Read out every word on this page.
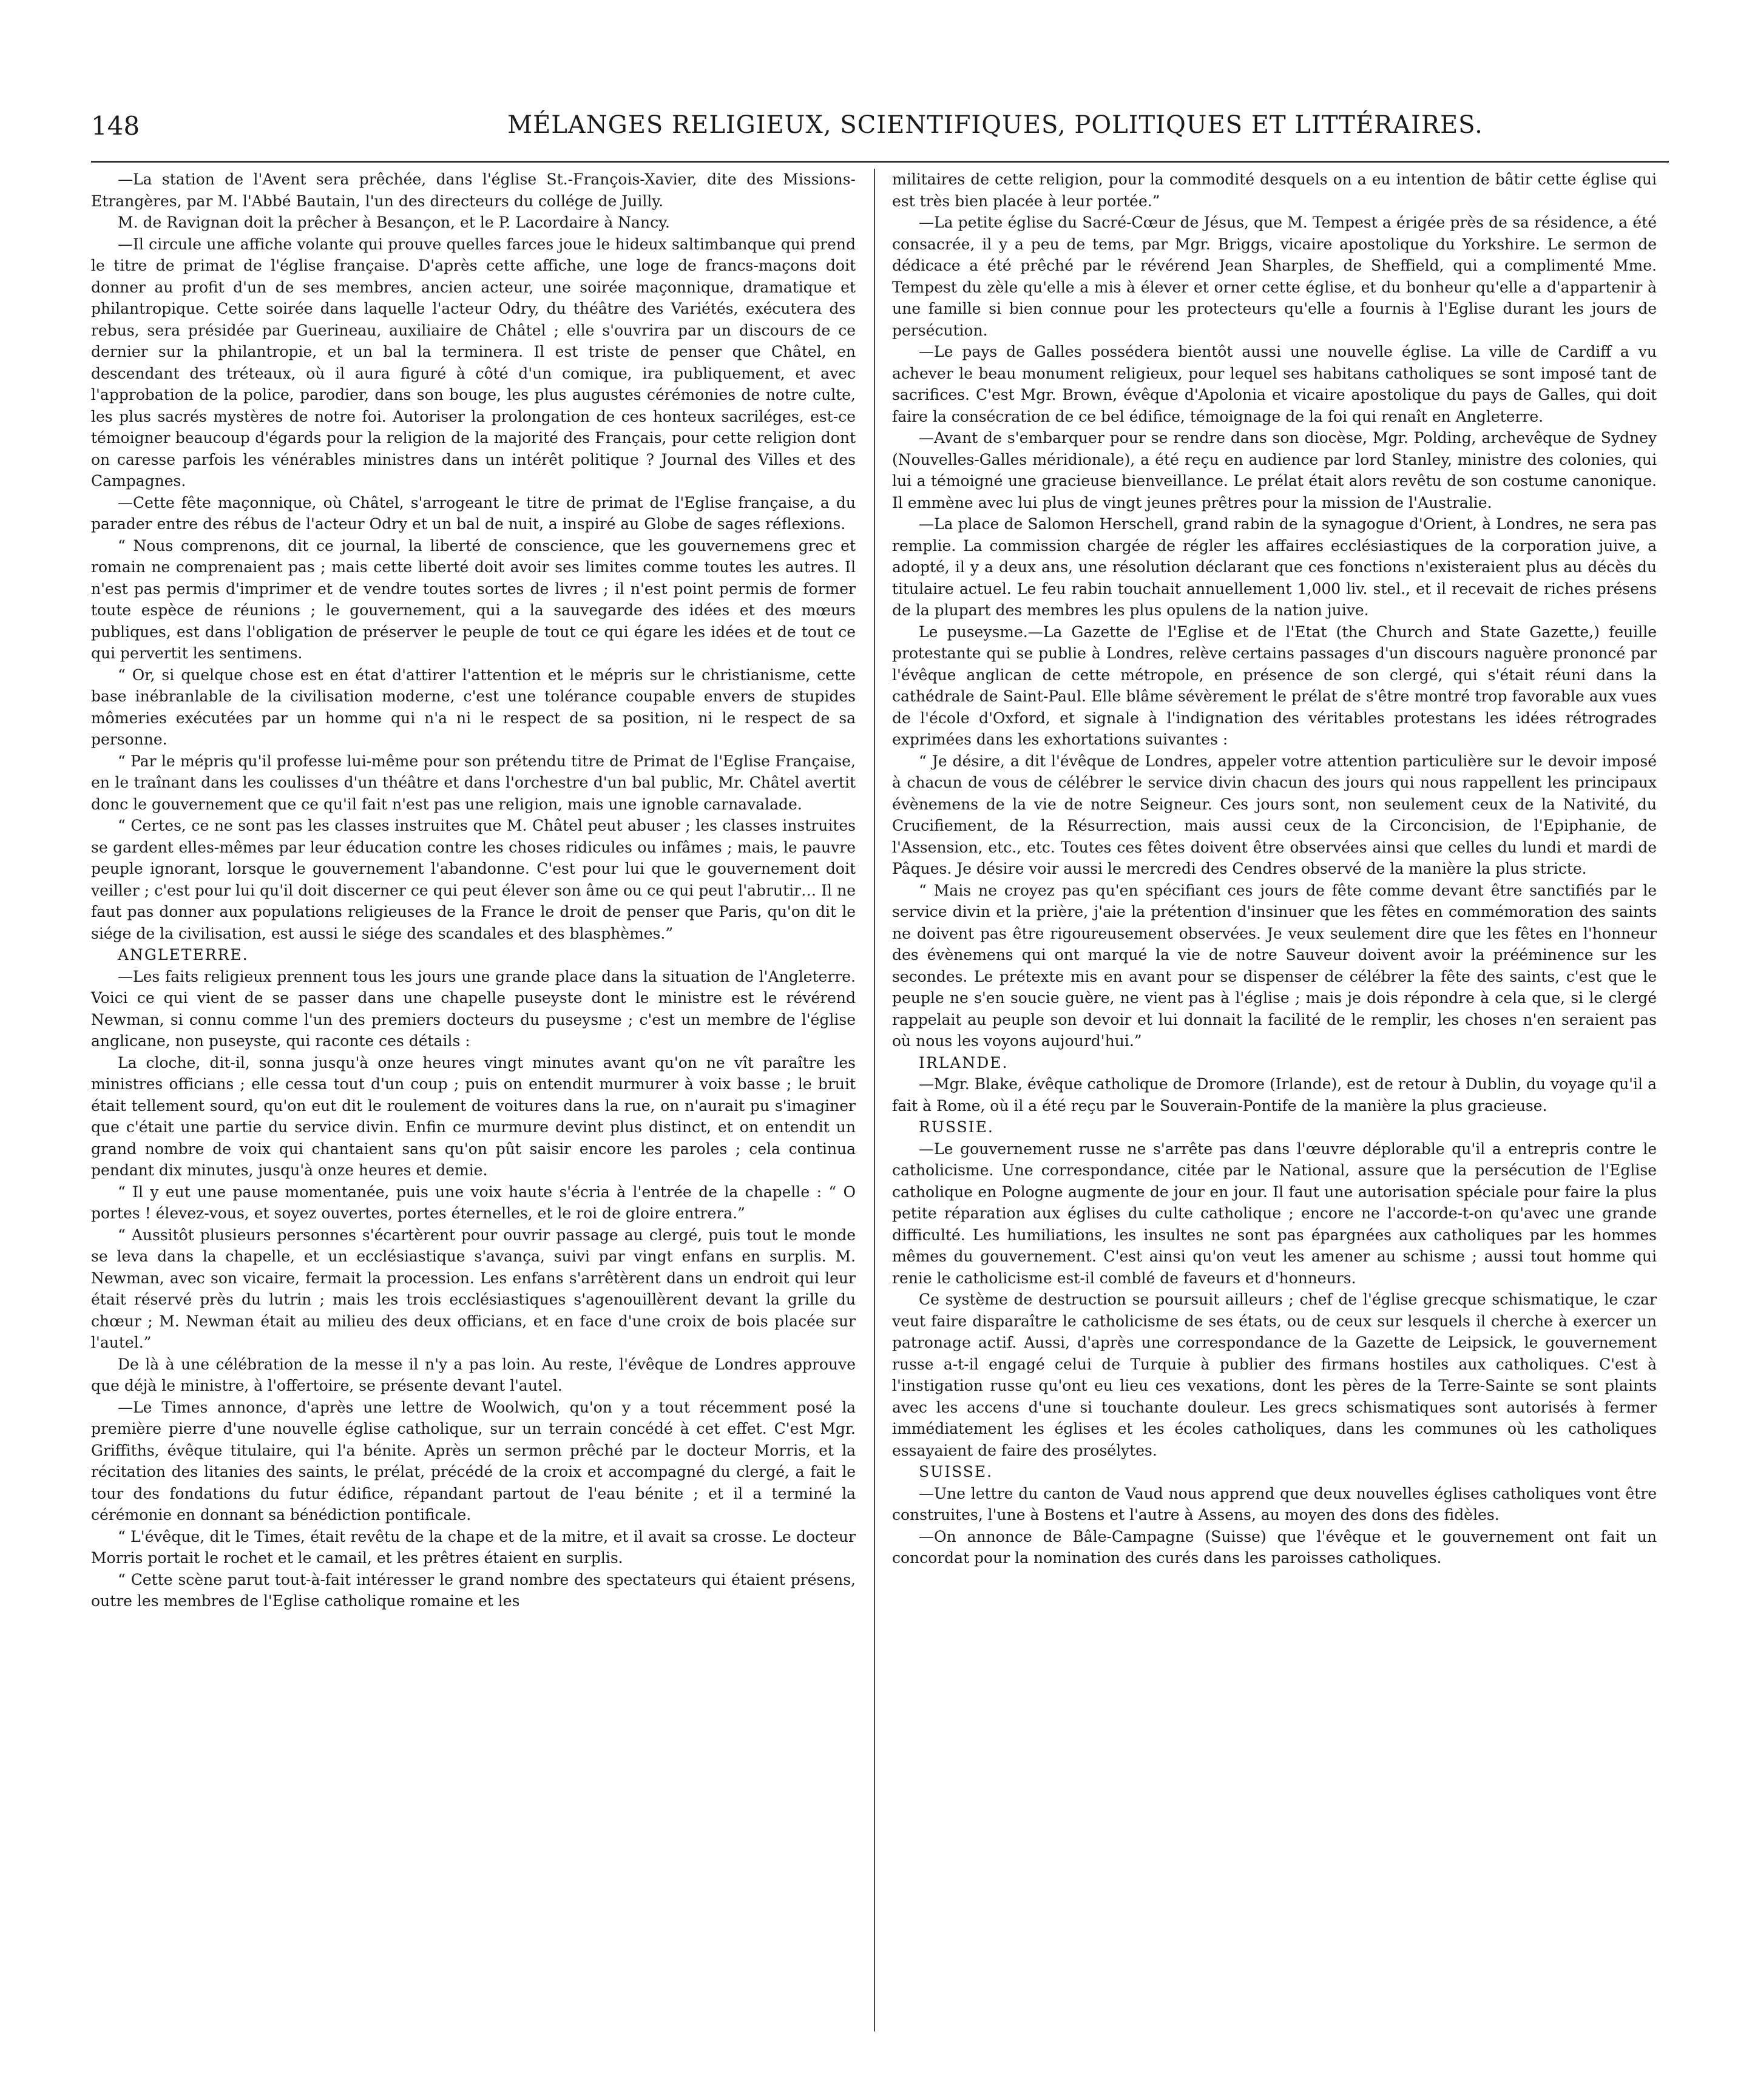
148	MÉLANGES RELIGIEUX, SCIENTIFIQUES, POLITIQUES ET LITTÉRAIRES.

—La station de l'Avent sera prêchée, dans l'église St.-François-Xavier, dite des Missions-Etrangères, par M. l'Abbé Bautain, l'un des directeurs du collége de Juilly.

M. de Ravignan doit la prêcher à Besançon, et le P. Lacordaire à Nancy.

—Il circule une affiche volante qui prouve quelles farces joue le hideux saltimbanque qui prend le titre de primat de l'église française. D'après cette affiche, une loge de francs-maçons doit donner au profit d'un de ses membres, ancien acteur, une soirée maçonnique, dramatique et philantropique. Cette soirée dans laquelle l'acteur Odry, du théâtre des Variétés, exécutera des rebus, sera présidée par Guerineau, auxiliaire de Châtel ; elle s'ouvrira par un discours de ce dernier sur la philantropie, et un bal la terminera. Il est triste de penser que Châtel, en descendant des tréteaux, où il aura figuré à côté d'un comique, ira publiquement, et avec l'approbation de la police, parodier, dans son bouge, les plus augustes cérémonies de notre culte, les plus sacrés mystères de notre foi. Autoriser la prolongation de ces honteux sacriléges, est-ce témoigner beaucoup d'égards pour la religion de la majorité des Français, pour cette religion dont on caresse parfois les vénérables ministres dans un intérêt politique ? Journal des Villes et des Campagnes.

—Cette fête maçonnique, où Châtel, s'arrogeant le titre de primat de l'Eglise française, a du parader entre des rébus de l'acteur Odry et un bal de nuit, a inspiré au Globe de sages réflexions.

“ Nous comprenons, dit ce journal, la liberté de conscience, que les gouvernemens grec et romain ne comprenaient pas ; mais cette liberté doit avoir ses limites comme toutes les autres. Il n'est pas permis d'imprimer et de vendre toutes sortes de livres ; il n'est point permis de former toute espèce de réunions ; le gouvernement, qui a la sauvegarde des idées et des mœurs publiques, est dans l'obligation de préserver le peuple de tout ce qui égare les idées et de tout ce qui pervertit les sentimens.

“ Or, si quelque chose est en état d'attirer l'attention et le mépris sur le christianisme, cette base inébranlable de la civilisation moderne, c'est une tolérance coupable envers de stupides mômeries exécutées par un homme qui n'a ni le respect de sa position, ni le respect de sa personne.

“ Par le mépris qu'il professe lui-même pour son prétendu titre de Primat de l'Eglise Française, en le traînant dans les coulisses d'un théâtre et dans l'orchestre d'un bal public, Mr. Châtel avertit donc le gouvernement que ce qu'il fait n'est pas une religion, mais une ignoble carnavalade.

“ Certes, ce ne sont pas les classes instruites que M. Châtel peut abuser ; les classes instruites se gardent elles-mêmes par leur éducation contre les choses ridicules ou infâmes ; mais, le pauvre peuple ignorant, lorsque le gouvernement l'abandonne. C'est pour lui que le gouvernement doit veiller ; c'est pour lui qu'il doit discerner ce qui peut élever son âme ou ce qui peut l'abrutir… Il ne faut pas donner aux populations religieuses de la France le droit de penser que Paris, qu'on dit le siége de la civilisation, est aussi le siége des scandales et des blasphèmes.”

ANGLETERRE.

—Les faits religieux prennent tous les jours une grande place dans la situation de l'Angleterre. Voici ce qui vient de se passer dans une chapelle puseyste dont le ministre est le révérend Newman, si connu comme l'un des premiers docteurs du puseysme ; c'est un membre de l'église anglicane, non puseyste, qui raconte ces détails :

La cloche, dit-il, sonna jusqu'à onze heures vingt minutes avant qu'on ne vît paraître les ministres officians ; elle cessa tout d'un coup ; puis on entendit murmurer à voix basse ; le bruit était tellement sourd, qu'on eut dit le roulement de voitures dans la rue, on n'aurait pu s'imaginer que c'était une partie du service divin. Enfin ce murmure devint plus distinct, et on entendit un grand nombre de voix qui chantaient sans qu'on pût saisir encore les paroles ; cela continua pendant dix minutes, jusqu'à onze heures et demie.

“ Il y eut une pause momentanée, puis une voix haute s'écria à l'entrée de la chapelle : “ O portes ! élevez-vous, et soyez ouvertes, portes éternelles, et le roi de gloire entrera.”

“ Aussitôt plusieurs personnes s'écartèrent pour ouvrir passage au clergé, puis tout le monde se leva dans la chapelle, et un ecclésiastique s'avança, suivi par vingt enfans en surplis. M. Newman, avec son vicaire, fermait la procession. Les enfans s'arrêtèrent dans un endroit qui leur était réservé près du lutrin ; mais les trois ecclésiastiques s'agenouillèrent devant la grille du chœur ; M. Newman était au milieu des deux officians, et en face d'une croix de bois placée sur l'autel.”

De là à une célébration de la messe il n'y a pas loin. Au reste, l'évêque de Londres approuve que déjà le ministre, à l'offertoire, se présente devant l'autel.

—Le Times annonce, d'après une lettre de Woolwich, qu'on y a tout récemment posé la première pierre d'une nouvelle église catholique, sur un terrain concédé à cet effet. C'est Mgr. Griffiths, évêque titulaire, qui l'a bénite. Après un sermon prêché par le docteur Morris, et la récitation des litanies des saints, le prélat, précédé de la croix et accompagné du clergé, a fait le tour des fondations du futur édifice, répandant partout de l'eau bénite ; et il a terminé la cérémonie en donnant sa bénédiction pontificale.

“ L'évêque, dit le Times, était revêtu de la chape et de la mitre, et il avait sa crosse. Le docteur Morris portait le rochet et le camail, et les prêtres étaient en surplis.

“ Cette scène parut tout-à-fait intéresser le grand nombre des spectateurs qui étaient présens, outre les membres de l'Eglise catholique romaine et les

militaires de cette religion, pour la commodité desquels on a eu intention de bâtir cette église qui est très bien placée à leur portée.”

—La petite église du Sacré-Cœur de Jésus, que M. Tempest a érigée près de sa résidence, a été consacrée, il y a peu de tems, par Mgr. Briggs, vicaire apostolique du Yorkshire. Le sermon de dédicace a été prêché par le révérend Jean Sharples, de Sheffield, qui a complimenté Mme. Tempest du zèle qu'elle a mis à élever et orner cette église, et du bonheur qu'elle a d'appartenir à une famille si bien connue pour les protecteurs qu'elle a fournis à l'Eglise durant les jours de persécution.

—Le pays de Galles possédera bientôt aussi une nouvelle église. La ville de Cardiff a vu achever le beau monument religieux, pour lequel ses habitans catholiques se sont imposé tant de sacrifices. C'est Mgr. Brown, évêque d'Apolonia et vicaire apostolique du pays de Galles, qui doit faire la consécration de ce bel édifice, témoignage de la foi qui renaît en Angleterre.

—Avant de s'embarquer pour se rendre dans son diocèse, Mgr. Polding, archevêque de Sydney (Nouvelles-Galles méridionale), a été reçu en audience par lord Stanley, ministre des colonies, qui lui a témoigné une gracieuse bienveillance. Le prélat était alors revêtu de son costume canonique. Il emmène avec lui plus de vingt jeunes prêtres pour la mission de l'Australie.

—La place de Salomon Herschell, grand rabin de la synagogue d'Orient, à Londres, ne sera pas remplie. La commission chargée de régler les affaires ecclésiastiques de la corporation juive, a adopté, il y a deux ans, une résolution déclarant que ces fonctions n'existeraient plus au décès du titulaire actuel. Le feu rabin touchait annuellement 1,000 liv. stel., et il recevait de riches présens de la plupart des membres les plus opulens de la nation juive.

Le puseysme.—La Gazette de l'Eglise et de l'Etat (the Church and State Gazette,) feuille protestante qui se publie à Londres, relève certains passages d'un discours naguère prononcé par l'évêque anglican de cette métropole, en présence de son clergé, qui s'était réuni dans la cathédrale de Saint-Paul. Elle blâme sévèrement le prélat de s'être montré trop favorable aux vues de l'école d'Oxford, et signale à l'indignation des véritables protestans les idées rétrogrades exprimées dans les exhortations suivantes :

“ Je désire, a dit l'évêque de Londres, appeler votre attention particulière sur le devoir imposé à chacun de vous de célébrer le service divin chacun des jours qui nous rappellent les principaux évènemens de la vie de notre Seigneur. Ces jours sont, non seulement ceux de la Nativité, du Crucifiement, de la Résurrection, mais aussi ceux de la Circoncision, de l'Epiphanie, de l'Assension, etc., etc. Toutes ces fêtes doivent être observées ainsi que celles du lundi et mardi de Pâques. Je désire voir aussi le mercredi des Cendres observé de la manière la plus stricte.

“ Mais ne croyez pas qu'en spécifiant ces jours de fête comme devant être sanctifiés par le service divin et la prière, j'aie la prétention d'insinuer que les fêtes en commémoration des saints ne doivent pas être rigoureusement observées. Je veux seulement dire que les fêtes en l'honneur des évènemens qui ont marqué la vie de notre Sauveur doivent avoir la prééminence sur les secondes. Le prétexte mis en avant pour se dispenser de célébrer la fête des saints, c'est que le peuple ne s'en soucie guère, ne vient pas à l'église ; mais je dois répondre à cela que, si le clergé rappelait au peuple son devoir et lui donnait la facilité de le remplir, les choses n'en seraient pas où nous les voyons aujourd'hui.”

IRLANDE.

—Mgr. Blake, évêque catholique de Dromore (Irlande), est de retour à Dublin, du voyage qu'il a fait à Rome, où il a été reçu par le Souverain-Pontife de la manière la plus gracieuse.

RUSSIE.

—Le gouvernement russe ne s'arrête pas dans l'œuvre déplorable qu'il a entrepris contre le catholicisme. Une correspondance, citée par le National, assure que la persécution de l'Eglise catholique en Pologne augmente de jour en jour. Il faut une autorisation spéciale pour faire la plus petite réparation aux églises du culte catholique ; encore ne l'accorde-t-on qu'avec une grande difficulté. Les humiliations, les insultes ne sont pas épargnées aux catholiques par les hommes mêmes du gouvernement. C'est ainsi qu'on veut les amener au schisme ; aussi tout homme qui renie le catholicisme est-il comblé de faveurs et d'honneurs.

Ce système de destruction se poursuit ailleurs ; chef de l'église grecque schismatique, le czar veut faire disparaître le catholicisme de ses états, ou de ceux sur lesquels il cherche à exercer un patronage actif. Aussi, d'après une correspondance de la Gazette de Leipsick, le gouvernement russe a-t-il engagé celui de Turquie à publier des firmans hostiles aux catholiques. C'est à l'instigation russe qu'ont eu lieu ces vexations, dont les pères de la Terre-Sainte se sont plaints avec les accens d'une si touchante douleur. Les grecs schismatiques sont autorisés à fermer immédiatement les églises et les écoles catholiques, dans les communes où les catholiques essayaient de faire des prosélytes.

SUISSE.

—Une lettre du canton de Vaud nous apprend que deux nouvelles églises catholiques vont être construites, l'une à Bostens et l'autre à Assens, au moyen des dons des fidèles.

—On annonce de Bâle-Campagne (Suisse) que l'évêque et le gouvernement ont fait un concordat pour la nomination des curés dans les paroisses catholiques.
